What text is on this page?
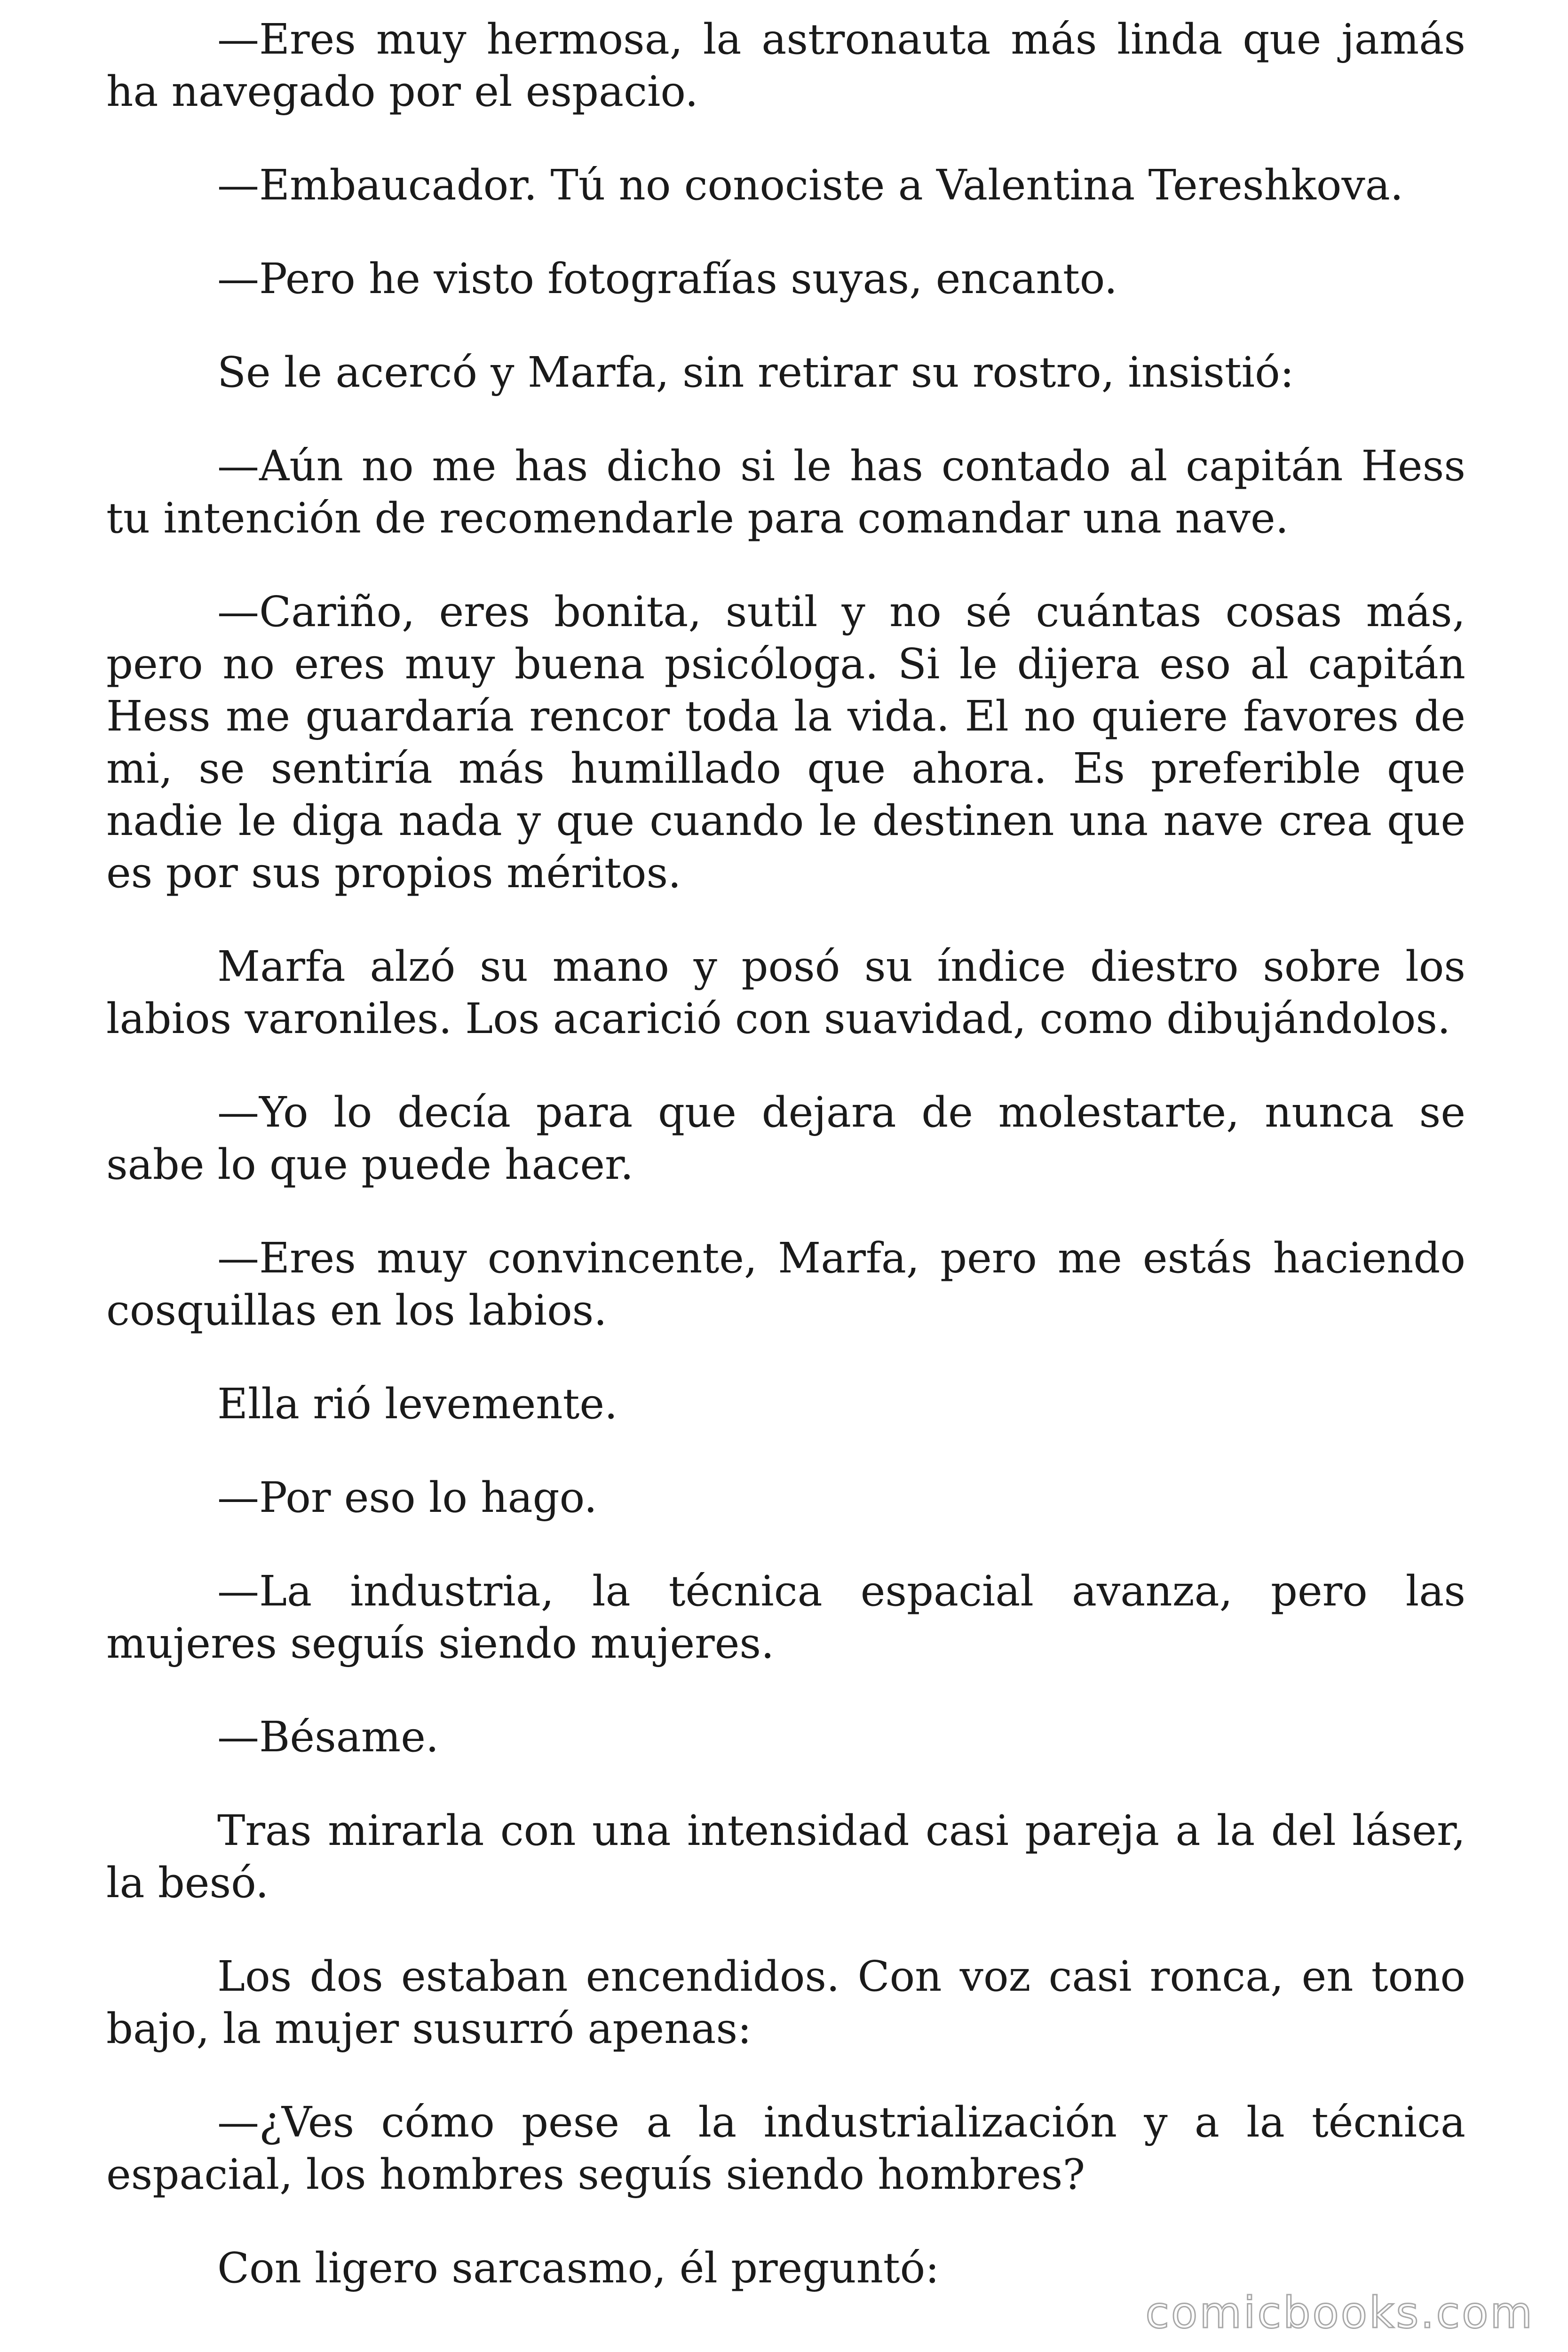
—Eres muy hermosa, la astronauta más linda que jamás ha navegado por el espacio.

—Embaucador. Tú no conociste a Valentina Tereshkova.

—Pero he visto fotografías suyas, encanto.

Se le acercó y Marfa, sin retirar su rostro, insistió:

—Aún no me has dicho si le has contado al capitán Hess tu intención de recomendarle para comandar una nave.

—Cariño, eres bonita, sutil y no sé cuántas cosas más, pero no eres muy buena psicóloga. Si le dijera eso al capitán Hess me guardaría rencor toda la vida. El no quiere favores de mi, se sentiría más humillado que ahora. Es preferible que nadie le diga nada y que cuando le destinen una nave crea que es por sus propios méritos.

Marfa alzó su mano y posó su índice diestro sobre los labios varoniles. Los acarició con suavidad, como dibujándolos.

—Yo lo decía para que dejara de molestarte, nunca se sabe lo que puede hacer.

—Eres muy convincente, Marfa, pero me estás haciendo cosquillas en los labios.

Ella rió levemente.

—Por eso lo hago.

—La industria, la técnica espacial avanza, pero las mujeres seguís siendo mujeres.

—Bésame.

Tras mirarla con una intensidad casi pareja a la del láser, la besó.

Los dos estaban encendidos. Con voz casi ronca, en tono bajo, la mujer susurró apenas:

—¿Ves cómo pese a la industrialización y a la técnica espacial, los hombres seguís siendo hombres?

Con ligero sarcasmo, él preguntó:

comicbooks.com
